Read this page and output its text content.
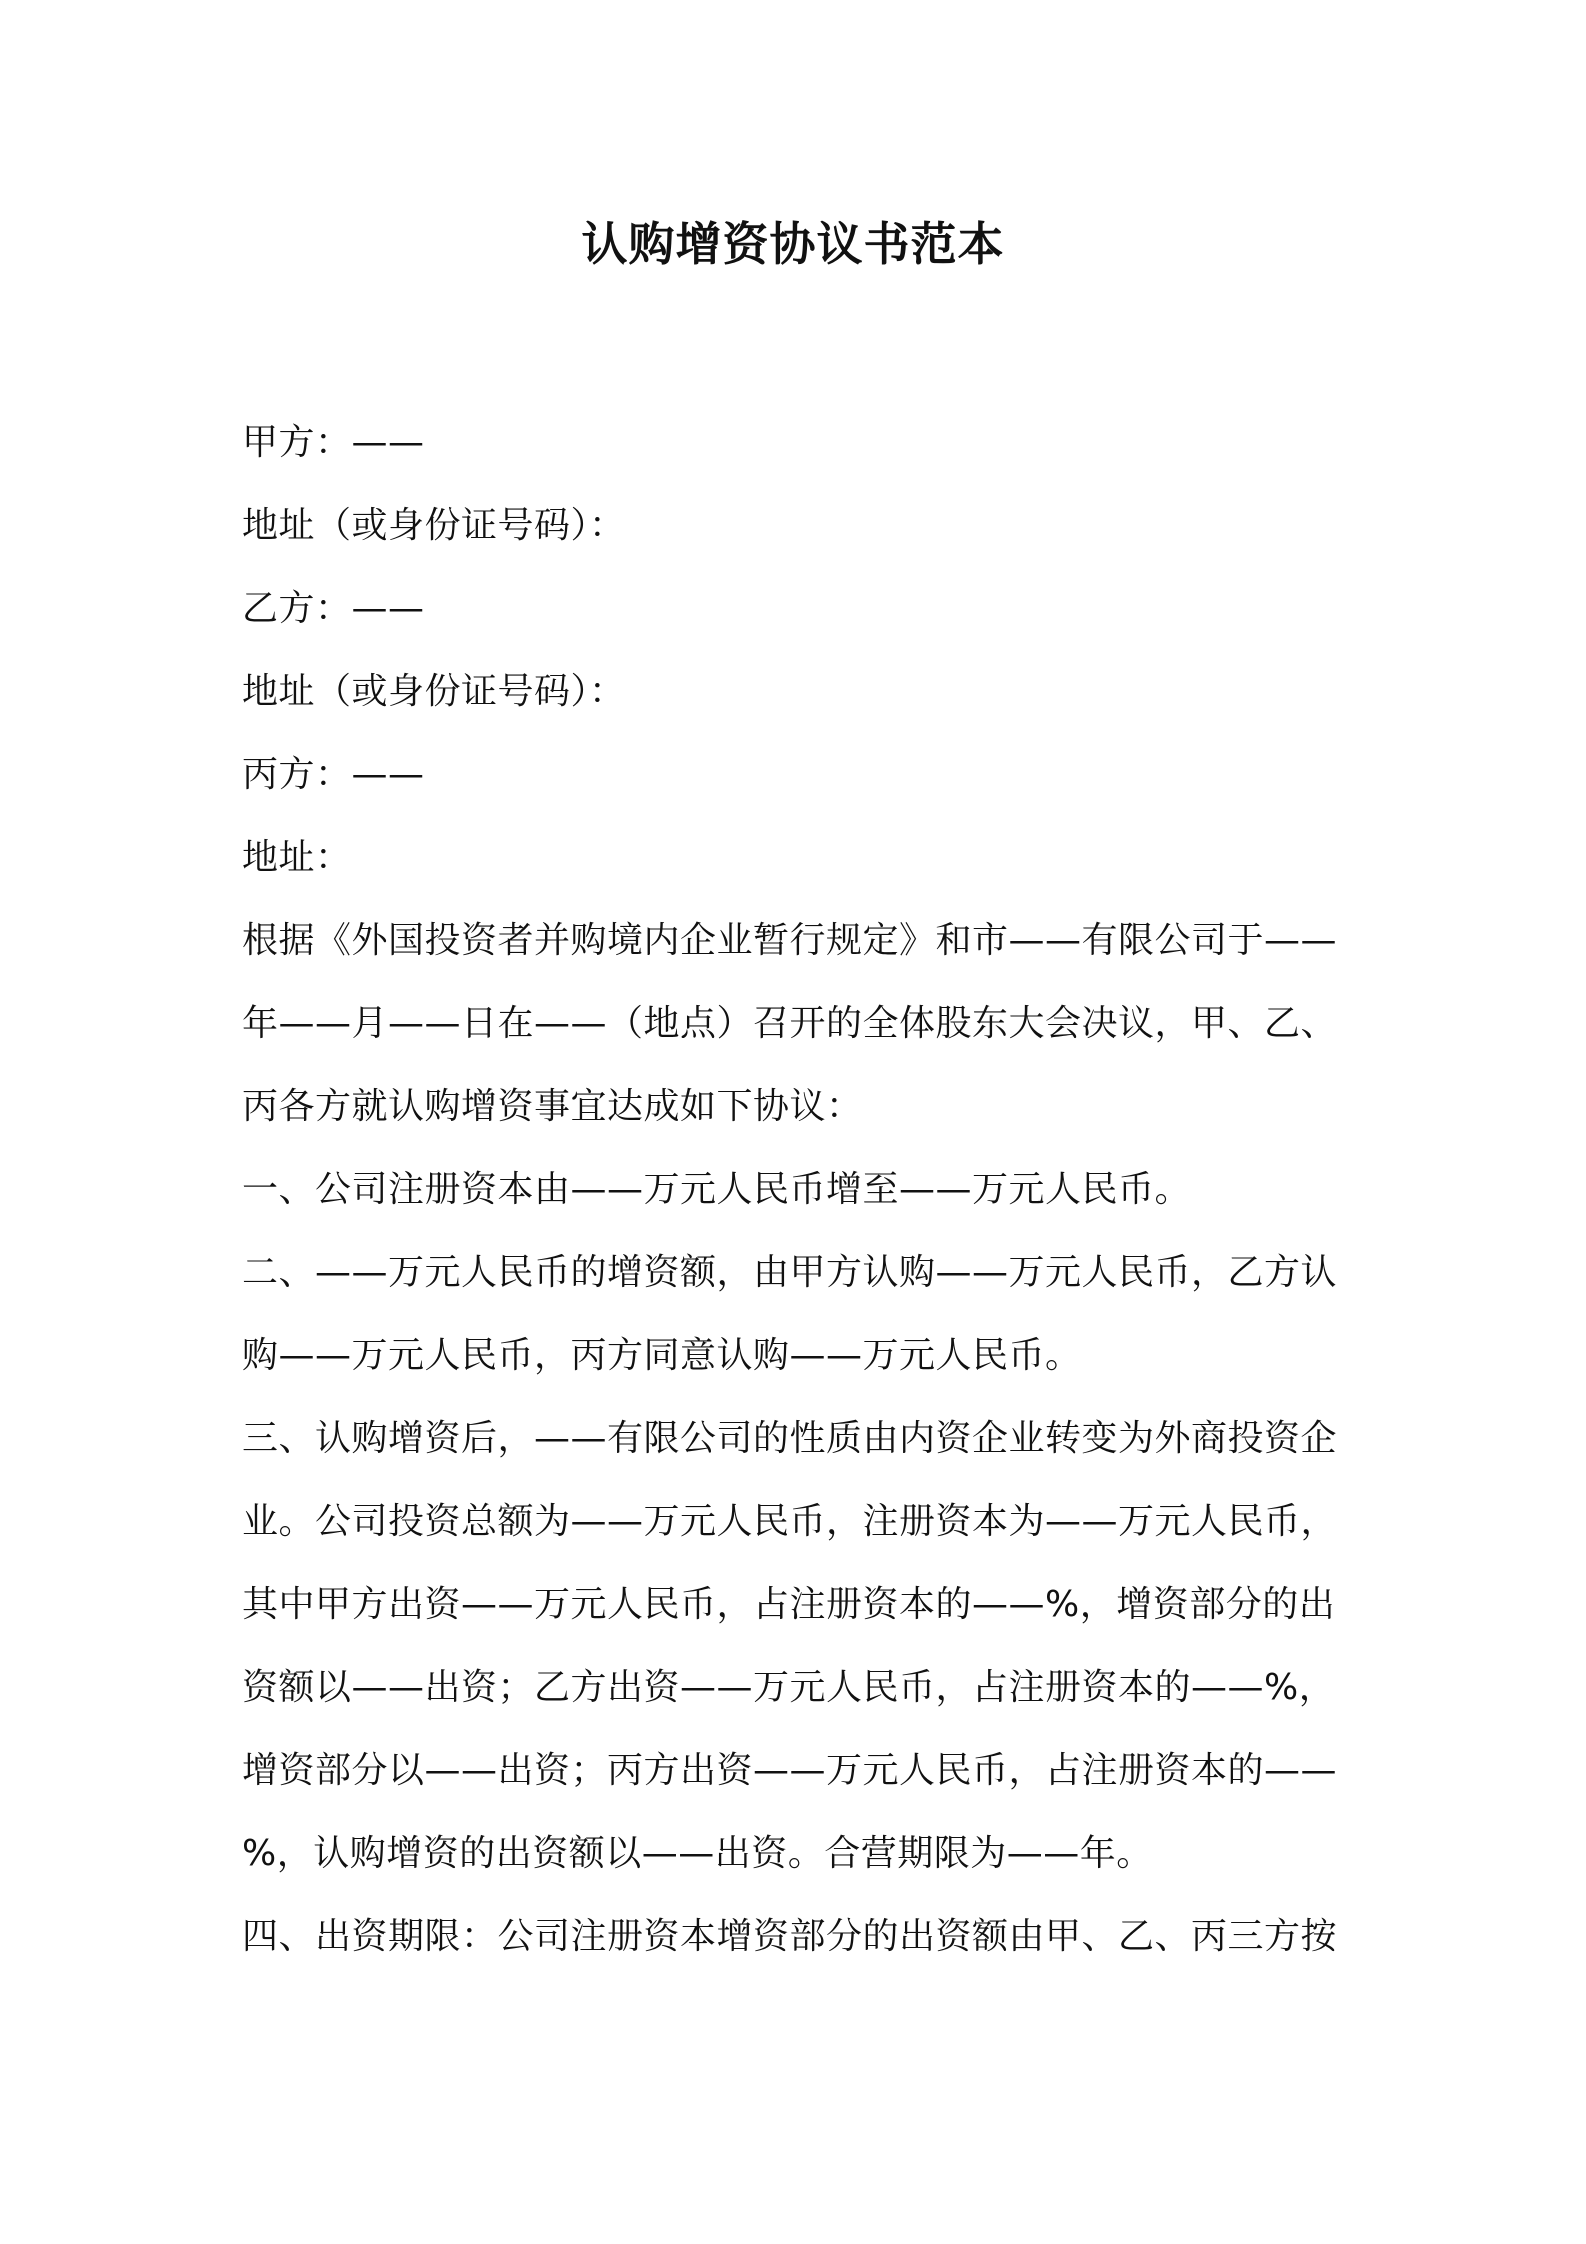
认购增资协议书范本

甲方：——

地址（或身份证号码）：

乙方：——

地址（或身份证号码）：

丙方：——

地址：

根据《外国投资者并购境内企业暂行规定》和市——有限公司于——年——月——日在——（地点）召开的全体股东大会决议，甲、乙、丙各方就认购增资事宜达成如下协议：

一、公司注册资本由——万元人民币增至——万元人民币。

二、——万元人民币的增资额，由甲方认购——万元人民币，乙方认购——万元人民币，丙方同意认购——万元人民币。

三、认购增资后，——有限公司的性质由内资企业转变为外商投资企业。公司投资总额为——万元人民币，注册资本为——万元人民币，其中甲方出资——万元人民币，占注册资本的——%，增资部分的出资额以——出资；乙方出资——万元人民币，占注册资本的——%，增资部分以——出资；丙方出资——万元人民币，占注册资本的——%，认购增资的出资额以——出资。合营期限为——年。

四、出资期限：公司注册资本增资部分的出资额由甲、乙、丙三方按
